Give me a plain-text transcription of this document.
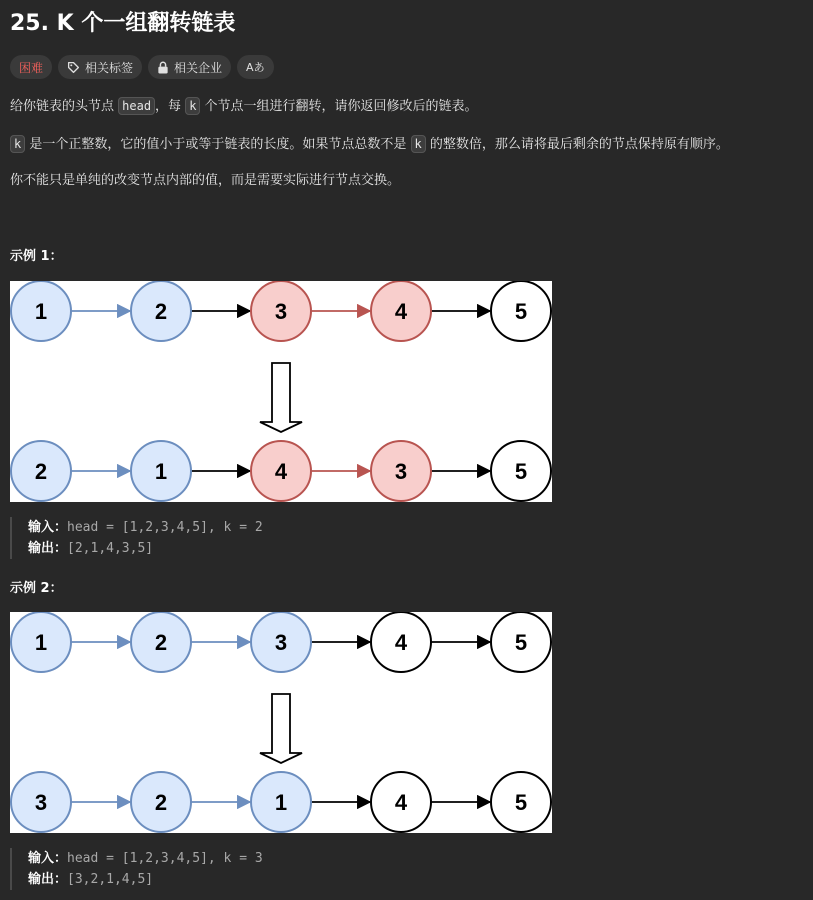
25. K 个一组翻转链表
困难	相关标签	相关企业 Aあ

给你链表的头节点 head ，每 k 个节点一组进行翻转，请你返回修改后的链表。

k 是一个正整数，它的值小于或等于链表的长度。如果节点总数不是 k 的整数倍，那么请将最后剩余的节点保持原有顺序。

你不能只是单纯的改变节点内部的值，而是需要实际进行节点交换。

示例 1：

1	2	3	4	5
2	1	4	3	5
输入：head = [1,2,3,4,5], k = 2
输出：[2,1,4,3,5]

示例 2：

1	2	3	4	5
3	2	1	4	5
输入：head = [1,2,3,4,5], k = 3
输出：[3,2,1,4,5]
